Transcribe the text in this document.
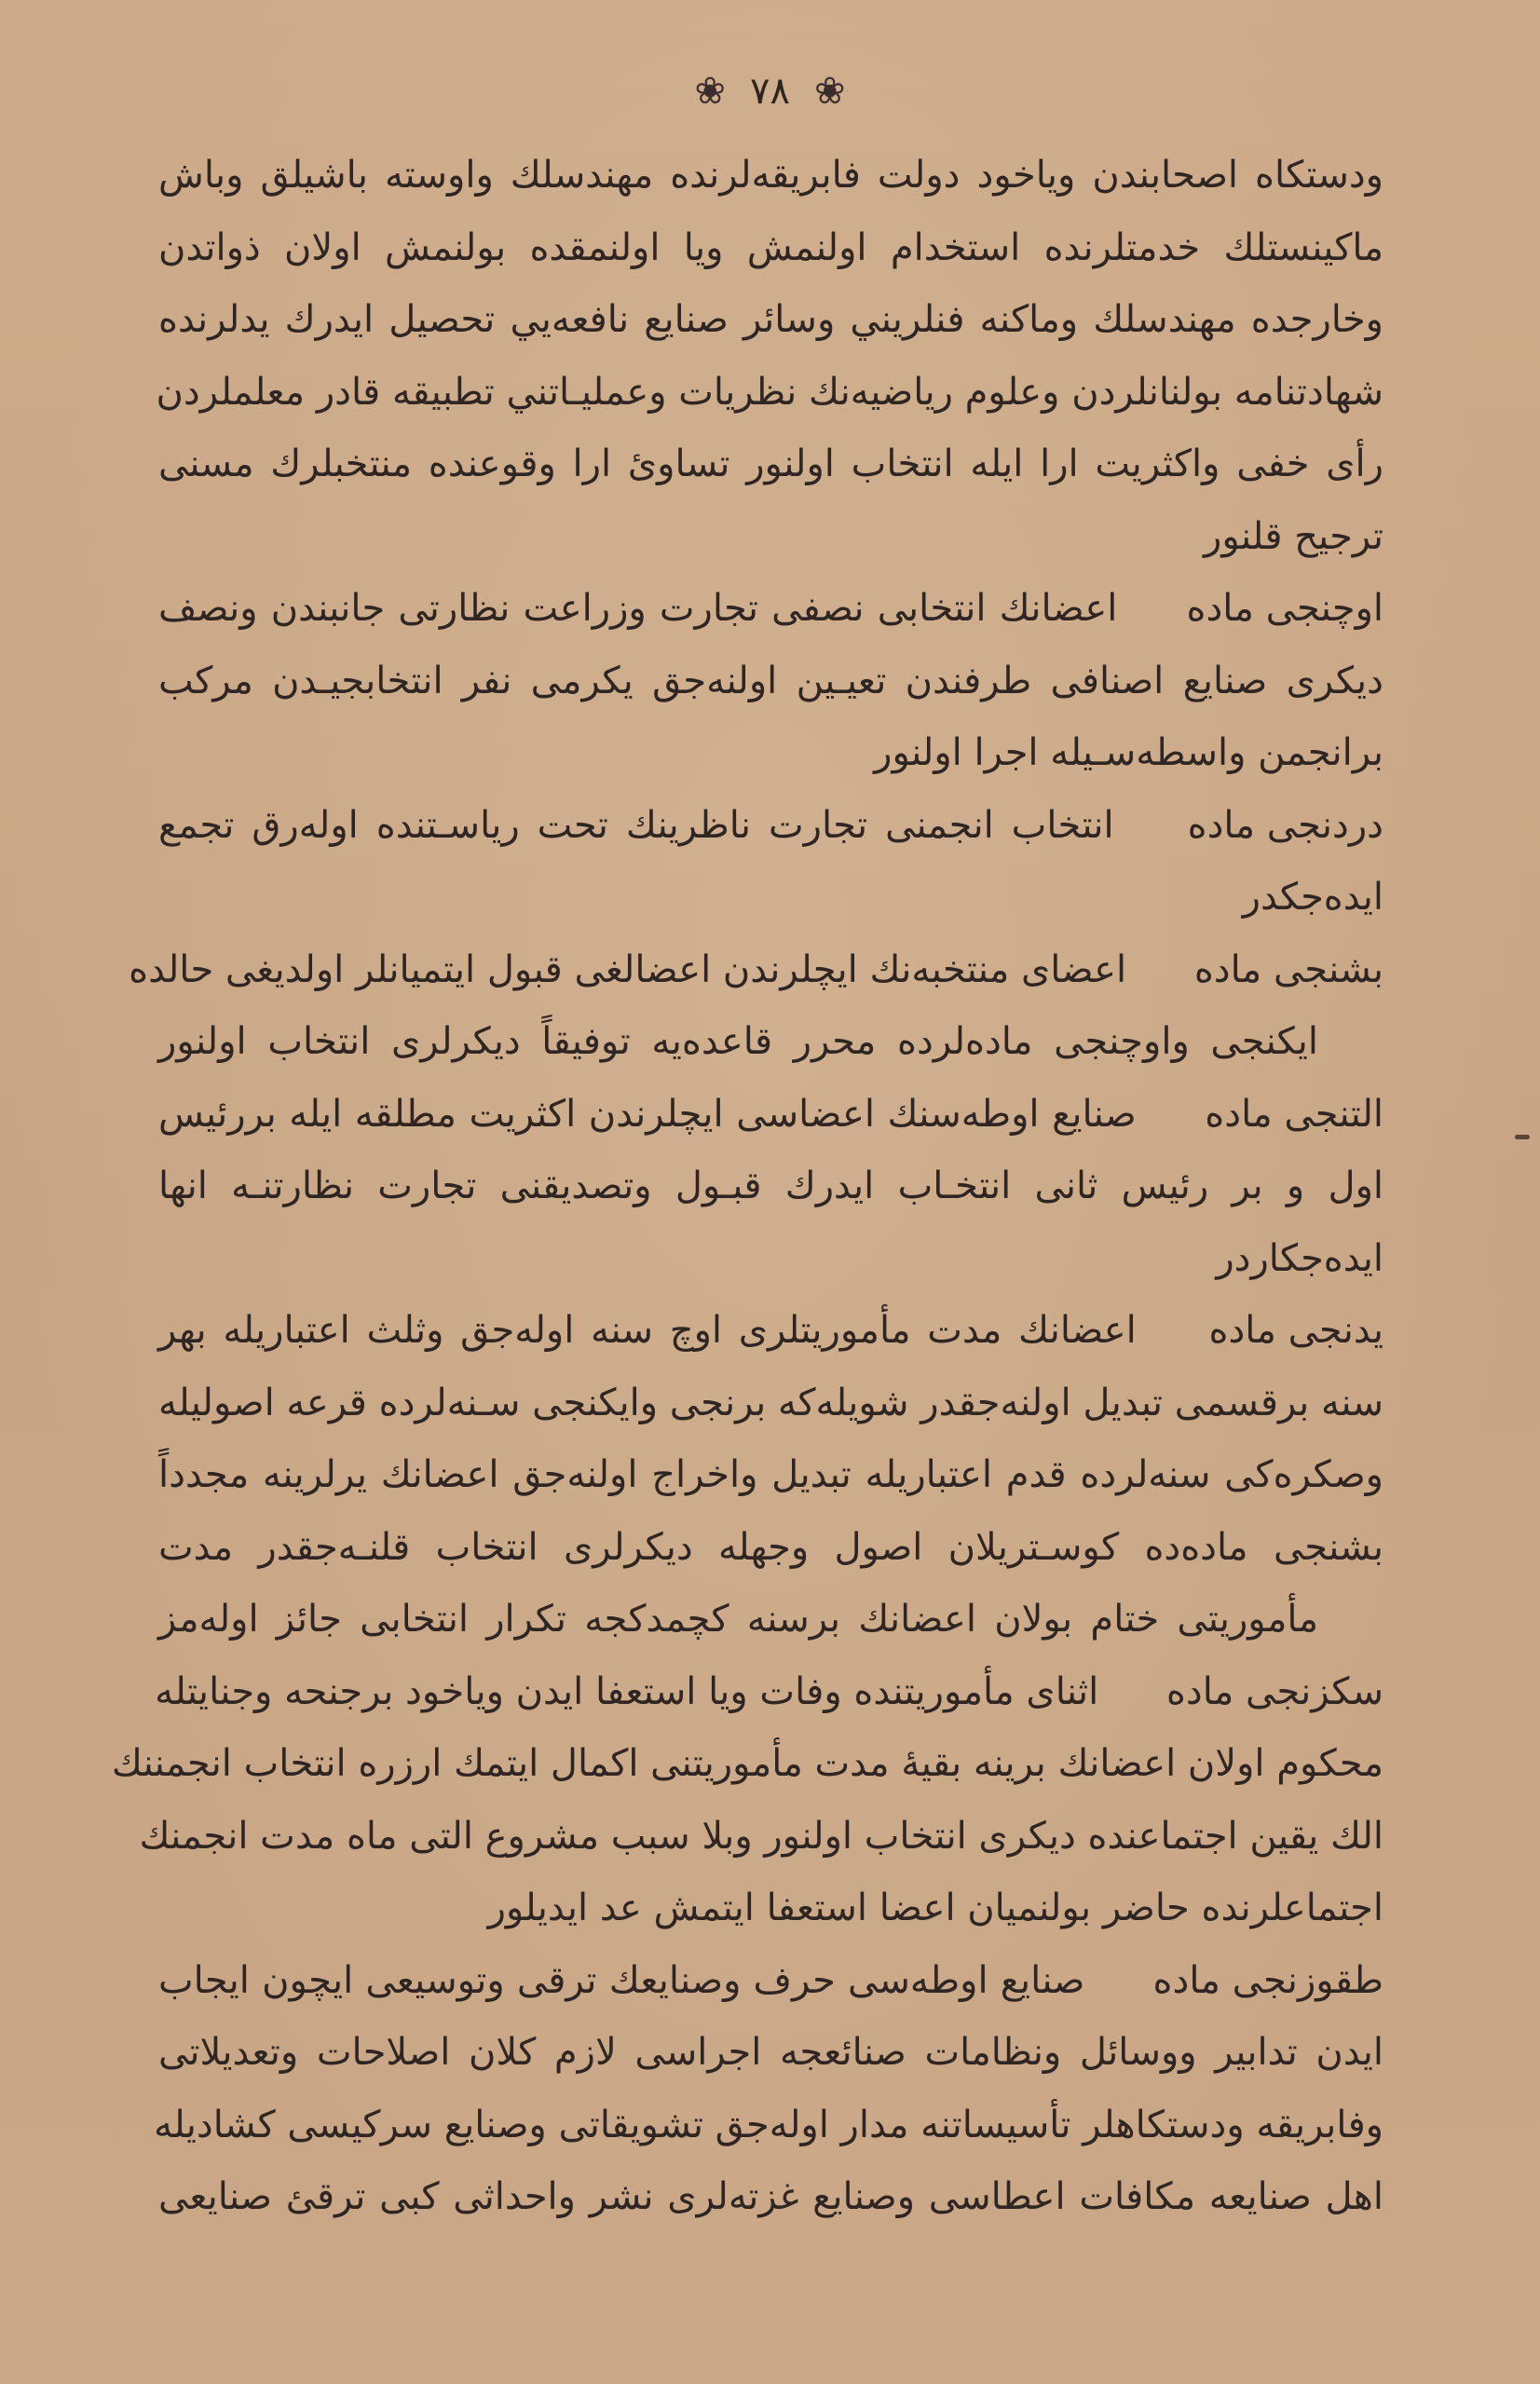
❀ ٧٨ ❀
ودستكاه اصحابندن وياخود دولت فابريقه‌لرنده مهندسلك واوسته باشيلق وباش
ماكينستلك خدمتلرنده استخدام اولنمش ويا اولنمقده بولنمش اولان ذواتدن
وخارجده مهندسلك وماكنه فنلريني وسائر صنايع نافعه‌يي تحصيل ايدرك يدلرنده
شهادتنامه بولنانلردن وعلوم رياضيه‌نك نظريات وعمليـاتني تطبيقه قادر معلملردن
رأى خفى واكثريت ارا ايله انتخاب اولنور تساوئ ارا وقوعنده منتخبلرك مسنى
ترجيح قلنور
اوچنجى ماده اعضانك انتخابى نصفى تجارت وزراعت نظارتى جانبندن ونصف
ديكرى صنايع اصنافى طرفندن تعيـين اولنه‌جق يكرمى نفر انتخابجيـدن مركب
برانجمن واسطه‌سـيله اجرا اولنور
دردنجى ماده انتخاب انجمنى تجارت ناظرينك تحت رياسـتنده اوله‌رق تجمع
ايده‌جكدر
بشنجى ماده اعضاى منتخبه‌نك ايچلرندن اعضالغى قبول ايتميانلر اولديغى حالده
ايكنجى واوچنجى ماده‌لرده محرر قاعده‌يه توفيقاً ديكرلرى انتخاب اولنور
التنجى ماده صنايع اوطه‌سنك اعضاسى ايچلرندن اكثريت مطلقه ايله بررئيس
اول و بر رئيس ثانى انتخـاب ايدرك قبـول وتصديقنى تجارت نظارتنـه انها
ايده‌جكاردر
يدنجى ماده اعضانك مدت مأموريتلرى اوچ سنه اوله‌جق وثلث اعتباريله بهر
سنه برقسمى تبديل اولنه‌جقدر شويله‌كه برنجى وايكنجى سـنه‌لرده قرعه اصوليله
وصكره‌كى سنه‌لرده قدم اعتباريله تبديل واخراج اولنه‌جق اعضانك يرلرينه مجدداً
بشنجى ماده‌ده كوسـتريلان اصول وجهله ديكرلرى انتخاب قلنـه‌جقدر مدت
مأموريتى ختام بولان اعضانك برسنه كچمدكجه تكرار انتخابى جائز اوله‌مز
سكزنجى ماده اثناى مأموريتنده وفات ويا استعفا ايدن وياخود برجنحه وجنايتله
محكوم اولان اعضانك برينه بقيهٔ مدت مأموريتنى اكمال ايتمك ارزره انتخاب انجمننك
الك يقين اجتماعنده ديكرى انتخاب اولنور وبلا سبب مشروع التى ماه مدت انجمنك
اجتماعلرنده حاضر بولنميان اعضا استعفا ايتمش عد ايديلور
طقوزنجى ماده صنايع اوطه‌سى حرف وصنايعك ترقى وتوسيعى ايچون ايجاب
ايدن تدابير ووسائل ونظامات صنائعجه اجراسى لازم كلان اصلاحات وتعديلاتى
وفابريقه ودستكاهلر تأسيساتنه مدار اوله‌جق تشويقاتى وصنايع سركيسى كشاديله
اهل صنايعه مكافات اعطاسى وصنايع غزته‌لرى نشر واحداثى كبى ترقئ صنايعى
